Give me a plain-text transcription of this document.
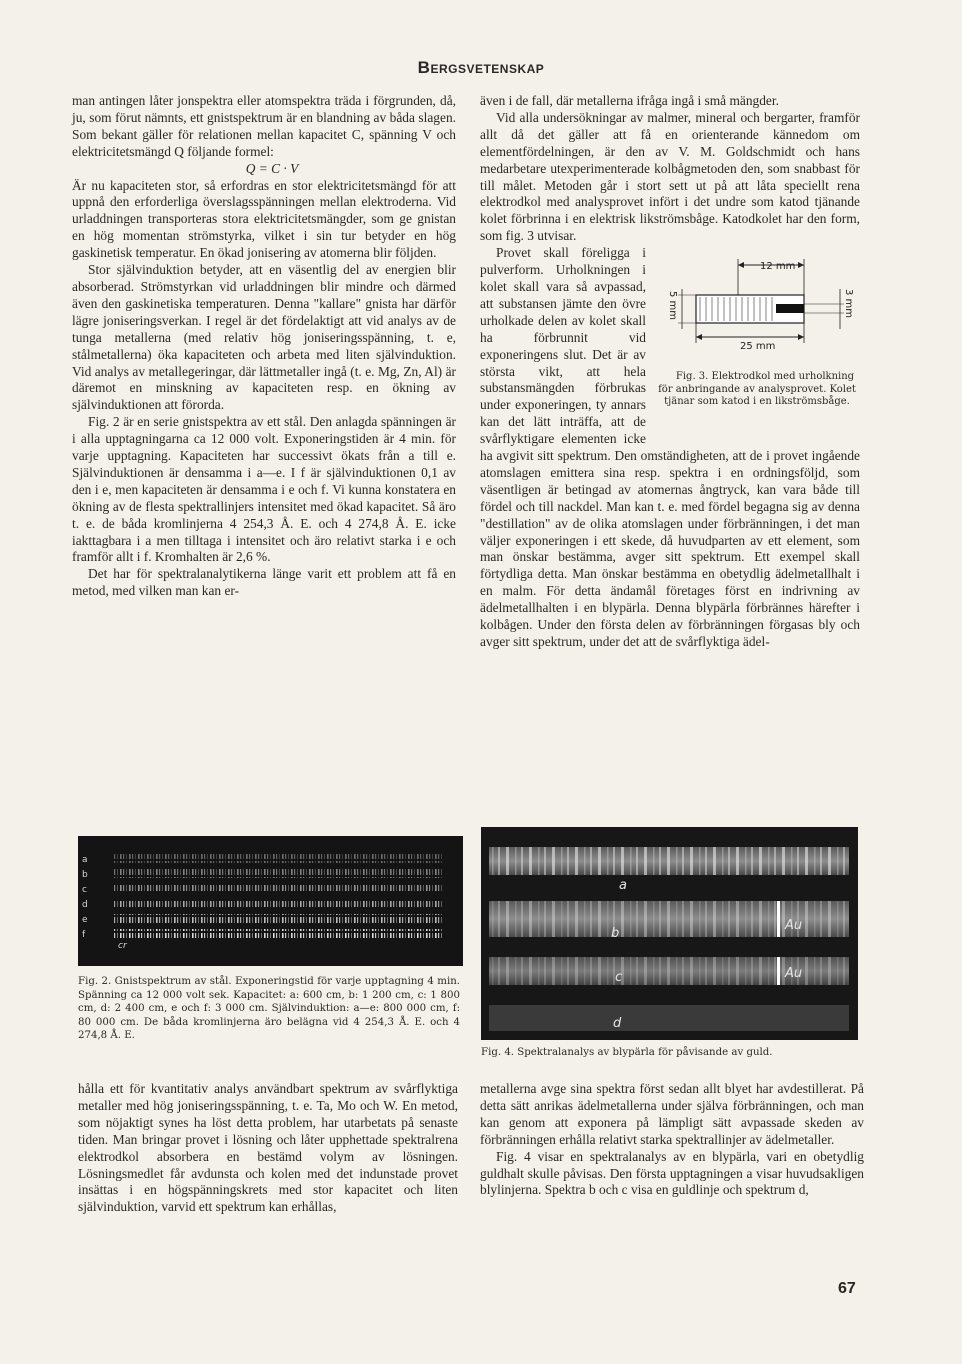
Bergsvetenskap

man antingen låter jonspektra eller atomspektra träda i förgrunden, då, ju, som förut nämnts, ett gnistspektrum är en blandning av båda slagen. Som bekant gäller för relationen mellan kapacitet C, spänning V och elektricitetsmängd Q följande formel:

Q = C · V

Är nu kapaciteten stor, så erfordras en stor elektricitetsmängd för att uppnå den erforderliga överslagsspänningen mellan elektroderna. Vid urladdningen transporteras stora elektricitetsmängder, som ge gnistan en hög momentan strömstyrka, vilket i sin tur betyder en hög gaskinetisk temperatur. En ökad jonisering av atomerna blir följden.

Stor självinduktion betyder, att en väsentlig del av energien blir absorberad. Strömstyrkan vid urladdningen blir mindre och därmed även den gaskinetiska temperaturen. Denna "kallare" gnista har därför lägre joniseringsverkan. I regel är det fördelaktigt att vid analys av de tunga metallerna (med relativ hög joniseringsspänning, t. e, stålmetallerna) öka kapaciteten och arbeta med liten självinduktion. Vid analys av metallegeringar, där lättmetaller ingå (t. e. Mg, Zn, Al) är däremot en minskning av kapaciteten resp. en ökning av självinduktionen att förorda.

Fig. 2 är en serie gnistspektra av ett stål. Den anlagda spänningen är i alla upptagningarna ca 12 000 volt. Exponeringstiden är 4 min. för varje upptagning. Kapaciteten har successivt ökats från a till e. Självinduktionen är densamma i a—e. I f är självinduktionen 0,1 av den i e, men kapaciteten är densamma i e och f. Vi kunna konstatera en ökning av de flesta spektrallinjers intensitet med ökad kapacitet. Så äro t. e. de båda kromlinjerna 4 254,3 Å. E. och 4 274,8 Å. E. icke iakttagbara i a men tilltaga i intensitet och äro relativt starka i e och framför allt i f. Kromhalten är 2,6 %.

Det har för spektralanalytikerna länge varit ett problem att få en metod, med vilken man kan er-

även i de fall, där metallerna ifråga ingå i små mängder.

Vid alla undersökningar av malmer, mineral och bergarter, framför allt då det gäller att få en orienterande kännedom om elementfördelningen, är den av V. M. Goldschmidt och hans medarbetare utexperimenterade kolbågmetoden den, som snabbast för till målet. Metoden går i stort sett ut på att låta speciellt rena elektrodkol med analysprovet infört i det undre som katod tjänande kolet förbrinna i en elektrisk likströmsbåge. Katodkolet har den form, som fig. 3 utvisar.

12 mm
3 mm
5 mm
25 mm
Fig. 3. Elektrodkol med urholkning för anbringande av analysprovet. Kolet tjänar som katod i en likströmsbåge.
Provet skall föreligga i pulverform. Urholkningen i kolet skall vara så avpassad, att substansen jämte den övre urholkade delen av kolet skall ha förbrunnit vid exponeringens slut. Det är av största vikt, att hela substansmängden förbrukas under exponeringen, ty annars kan det lätt inträffa, att de svårflyktigare elementen icke ha avgivit sitt spektrum. Den omständigheten, att de i provet ingående atomslagen emittera sina resp. spektra i en ordningsföljd, som väsentligen är betingad av atomernas ångtryck, kan vara både till fördel och till nackdel. Man kan t. e. med fördel begagna sig av denna "destillation" av de olika atomslagen under förbränningen, i det man väljer exponeringen i ett skede, då huvudparten av ett element, som man önskar bestämma, avger sitt spektrum. Ett exempel skall förtydliga detta. Man önskar bestämma en obetydlig ädelmetallhalt i en malm. För detta ändamål företages först en indrivning av ädelmetallhalten i en blypärla. Denna blypärla förbrännes härefter i kolbågen. Under den första delen av förbränningen förgasas bly och avger sitt spektrum, under det att de svårflyktiga ädel-
a
b
c
d
e
f
cr
Fig. 2. Gnistspektrum av stål. Exponeringstid för varje upptagning 4 min. Spänning ca 12 000 volt sek. Kapacitet: a: 600 cm, b: 1 200 cm, c: 1 800 cm, d: 2 400 cm, e och f: 3 000 cm. Självinduktion: a—e: 800 000 cm, f: 80 000 cm. De båda kromlinjerna äro belägna vid 4 254,3 Å. E. och 4 274,8 Å. E.
a
b
c
d
Au
Au
Fig. 4. Spektralanalys av blypärla för påvisande av guld.

hålla ett för kvantitativ analys användbart spektrum av svårflyktiga metaller med hög joniseringsspänning, t. e. Ta, Mo och W. En metod, som nöjaktigt synes ha löst detta problem, har utarbetats på senaste tiden. Man bringar provet i lösning och låter upphettade spektralrena elektrodkol absorbera en bestämd volym av lösningen. Lösningsmedlet får avdunsta och kolen med det indunstade provet insättas i en högspänningskrets med stor kapacitet och liten självinduktion, varvid ett spektrum kan erhållas,

metallerna avge sina spektra först sedan allt blyet har avdestillerat. På detta sätt anrikas ädelmetallerna under själva förbränningen, och man kan genom att exponera på lämpligt sätt avpassade skeden av förbränningen erhålla relativt starka spektrallinjer av ädelmetaller.

Fig. 4 visar en spektralanalys av en blypärla, vari en obetydlig guldhalt skulle påvisas. Den första upptagningen a visar huvudsakligen blylinjerna. Spektra b och c visa en guldlinje och spektrum d,

67
